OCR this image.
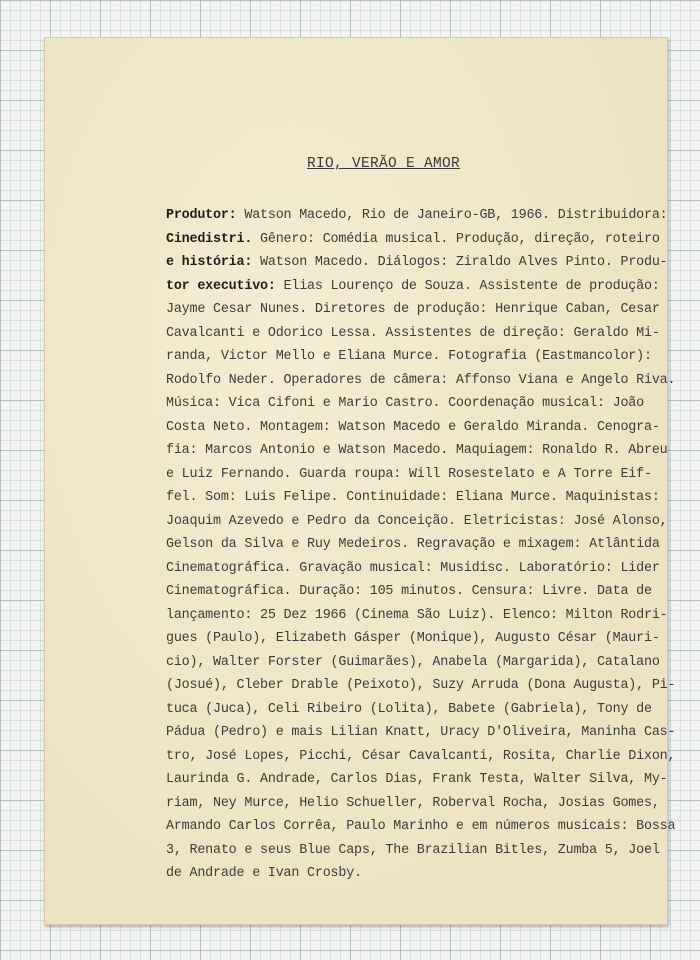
RIO, VERÃO E AMOR
Produtor: Watson Macedo, Rio de Janeiro-GB, 1966. Distribuidora:
Cinedistri. Gênero: Comédia musical. Produção, direção, roteiro
e história: Watson Macedo. Diálogos: Ziraldo Alves Pinto. Produ-
tor executivo: Elias Lourenço de Souza. Assistente de produção:
Jayme Cesar Nunes. Diretores de produção: Henrique Caban, Cesar
Cavalcanti e Odorico Lessa. Assistentes de direção: Geraldo Mi-
randa, Victor Mello e Eliana Murce. Fotografia (Eastmancolor):
Rodolfo Neder. Operadores de câmera: Affonso Viana e Angelo Riva.
Música: Vica Cifoni e Mario Castro. Coordenação musical: João
Costa Neto. Montagem: Watson Macedo e Geraldo Miranda. Cenogra-
fia: Marcos Antonio e Watson Macedo. Maquiagem: Ronaldo R. Abreu
e Luiz Fernando. Guarda roupa: Will Rosestelato e A Torre Eif-
fel. Som: Luis Felipe. Continuidade: Eliana Murce. Maquinistas:
Joaquim Azevedo e Pedro da Conceição. Eletricistas: José Alonso,
Gelson da Silva e Ruy Medeiros. Regravação e mixagem: Atlântida
Cinematográfica. Gravação musical: Musidisc. Laboratório: Lider
Cinematográfica. Duração: 105 minutos. Censura: Livre. Data de
lançamento: 25 Dez 1966 (Cinema São Luiz). Elenco: Milton Rodri-
gues (Paulo), Elizabeth Gásper (Monique), Augusto César (Mauri-
cio), Walter Forster (Guimarães), Anabela (Margarida), Catalano
(Josué), Cleber Drable (Peixoto), Suzy Arruda (Dona Augusta), Pi-
tuca (Juca), Celi Ribeiro (Lolita), Babete (Gabriela), Tony de
Pádua (Pedro) e mais Lilian Knatt, Uracy D'Oliveira, Maninha Cas-
tro, José Lopes, Picchi, César Cavalcanti, Rosita, Charlie Dixon,
Laurinda G. Andrade, Carlos Dias, Frank Testa, Walter Silva, My-
riam, Ney Murce, Helio Schueller, Roberval Rocha, Josias Gomes,
Armando Carlos Corrêa, Paulo Marinho e em números musicais: Bossa
3, Renato e seus Blue Caps, The Brazilian Bitles, Zumba 5, Joel
de Andrade e Ivan Crosby.
